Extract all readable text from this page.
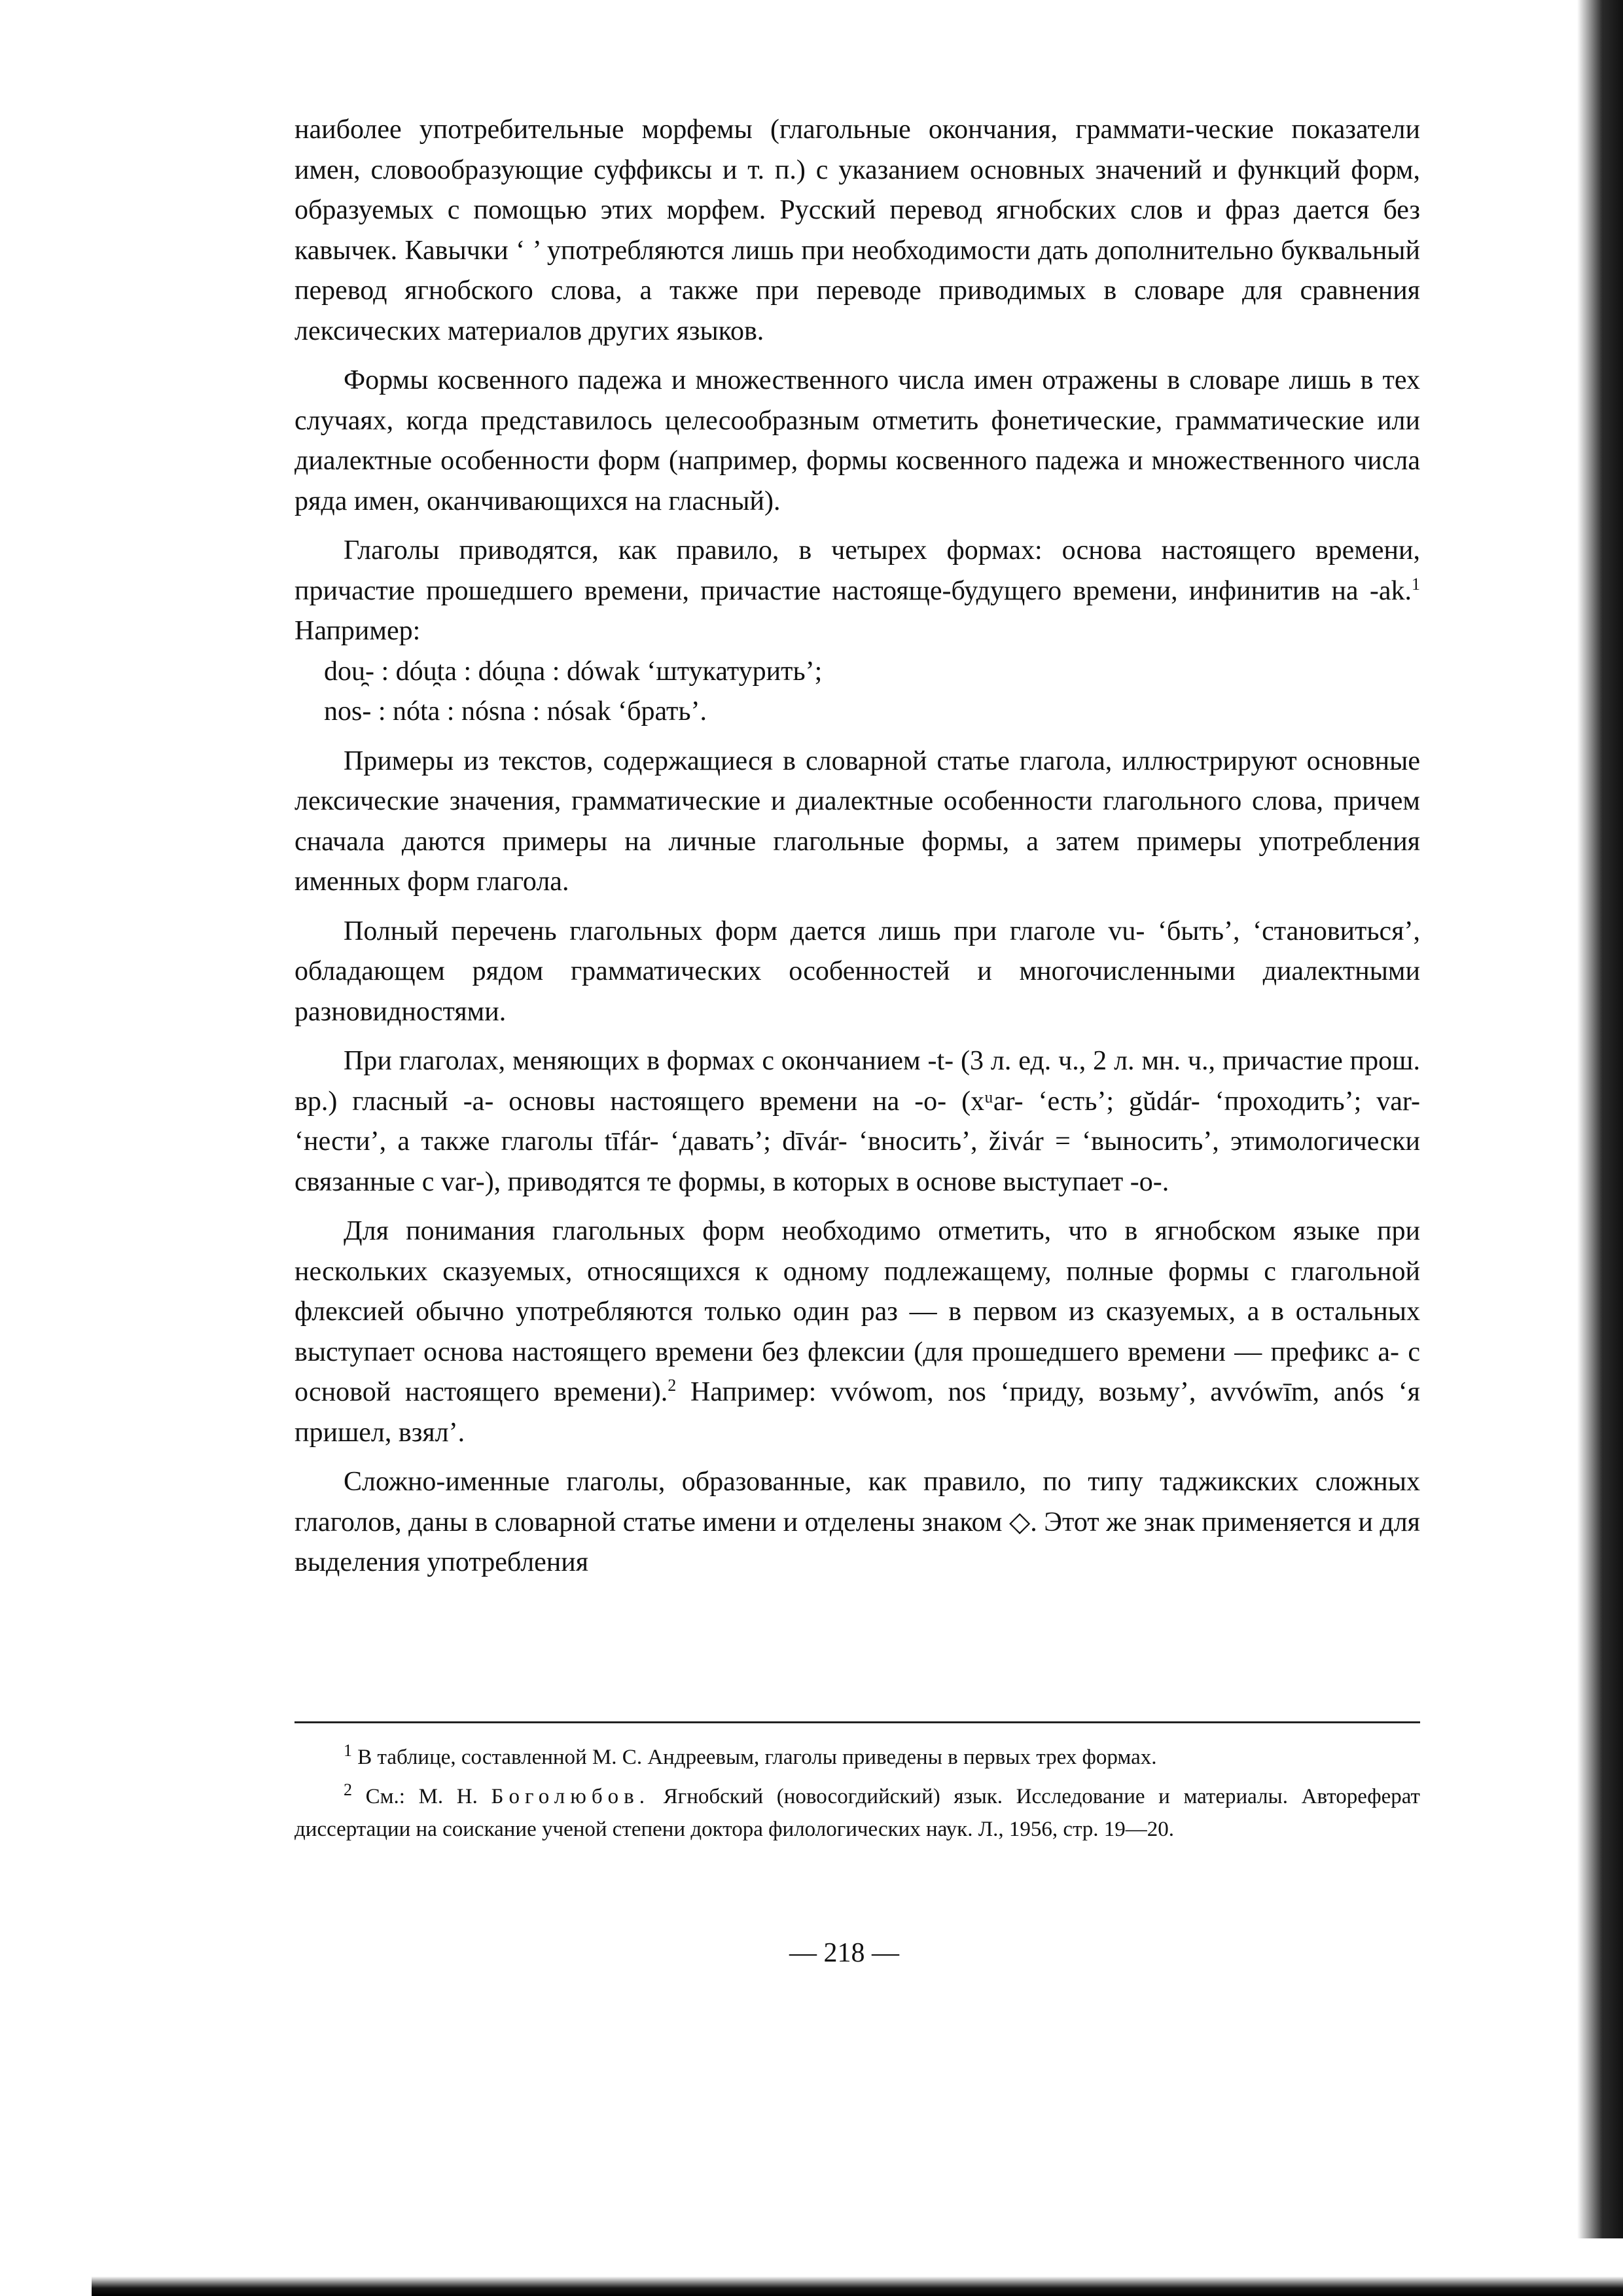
наиболее употребительные морфемы (глагольные окончания, граммати-ческие показатели имен, словообразующие суффиксы и т. п.) с указанием основных значений и функций форм, образуемых с помощью этих морфем. Русский перевод ягнобских слов и фраз дается без кавычек. Кавычки ‘ ’ употребляются лишь при необходимости дать дополнительно буквальный перевод ягнобского слова, а также при переводе приводимых в словаре для сравнения лексических материалов других языков.

Формы косвенного падежа и множественного числа имен отражены в словаре лишь в тех случаях, когда представилось целесообразным отметить фонетические, грамматические или диалектные особенности форм (например, формы косвенного падежа и множественного числа ряда имен, оканчивающихся на гласный).

Глаголы приводятся, как правило, в четырех формах: основа настоящего времени, причастие прошедшего времени, причастие настояще-будущего времени, инфинитив на -ak.$^1$ Например:

dou̯- : dóu̯ta : dóu̯na : dówak ‘штукатурить’;

nos- : nóta : nósna : nósak ‘брать’.

Примеры из текстов, содержащиеся в словарной статье глагола, иллюстрируют основные лексические значения, грамматические и диалектные особенности глагольного слова, причем сначала даются примеры на личные глагольные формы, а затем примеры употребления именных форм глагола.

Полный перечень глагольных форм дается лишь при глаголе vu- ‘быть’, ‘становиться’, обладающем рядом грамматических особенностей и многочисленными диалектными разновидностями.

При глаголах, меняющих в формах с окончанием -t- (3 л. ед. ч., 2 л. мн. ч., причастие прош. вр.) гласный -a- основы настоящего времени на -o- (xᵘar- ‘есть’; gŭdár- ‘проходить’; var- ‘нести’, а также глаголы tīfár- ‘давать’; dīvár- ‘вносить’, živár = ‘выносить’, этимологически связанные с var-), приводятся те формы, в которых в основе выступает -o-.

Для понимания глагольных форм необходимо отметить, что в ягнобском языке при нескольких сказуемых, относящихся к одному подлежащему, полные формы с глагольной флексией обычно употребляются только один раз — в первом из сказуемых, а в остальных выступает основа настоящего времени без флексии (для прошедшего времени — префикс a- с основой настоящего времени).$^2$ Например: vvówom, nos ‘приду, возьму’, avvówīm, anós ‘я пришел, взял’.

Сложно-именные глаголы, образованные, как правило, по типу таджикских сложных глаголов, даны в словарной статье имени и отделены знаком ◇. Этот же знак применяется и для выделения употребления

$^1$ В таблице, составленной М. С. Андреевым, глаголы приведены в первых трех формах.

$^2$ См.: М. Н. Боголюбов. Ягнобский (новосогдийский) язык. Исследование и материалы. Автореферат диссертации на соискание ученой степени доктора филологических наук. Л., 1956, стр. 19—20.

— 218 —
